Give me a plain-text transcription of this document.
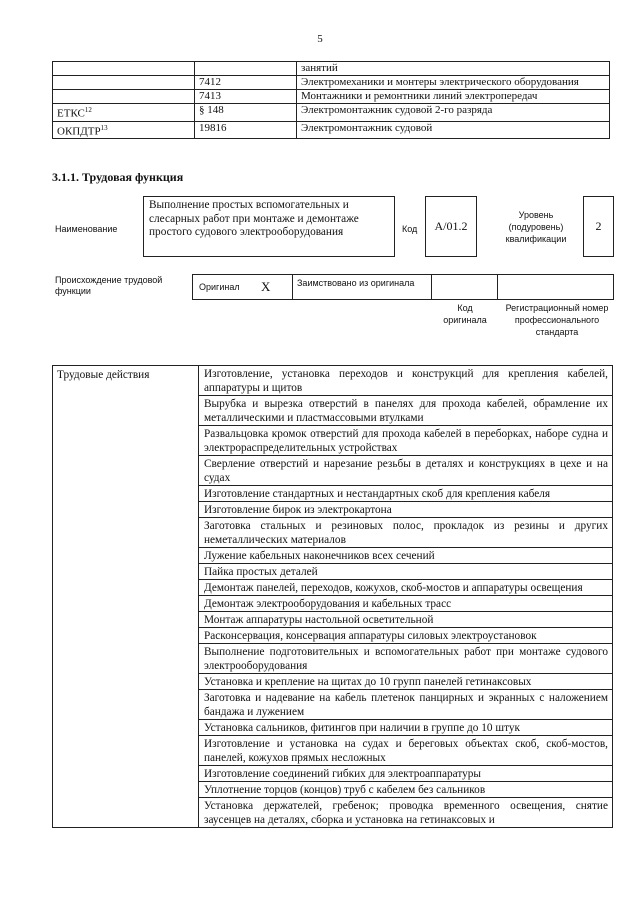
5
		занятий
	7412	Электромеханики и монтеры электрического оборудования
	7413	Монтажники и ремонтники линий электропередач
ЕТКС$^{12}$	§ 148	Электромонтажник судовой 2-го разряда
ОКПДТР$^{13}$	19816	Электромонтажник судовой
3.1.1. Трудовая функция
Наименование
Выполнение простых вспомогательных и слесарных работ при монтаже и демонтаже простого судового электрооборудования	Код	A/01.2
Уровень (подуровень) квалификации
2
Происхождение трудовой функции	Оригинал X	Заимствовано из оригинала
Код оригинала
Регистрационный номер профессионального стандарта
Трудовые действия	Изготовление, установка переходов и конструкций для крепления кабелей, аппаратуры и щитов
Вырубка и вырезка отверстий в панелях для прохода кабелей, обрамление их металлическими и пластмассовыми втулками
Развальцовка кромок отверстий для прохода кабелей в переборках, наборе судна и электрораспределительных устройствах
Сверление отверстий и нарезание резьбы в деталях и конструкциях в цехе и на судах
Изготовление стандартных и нестандартных скоб для крепления кабеля
Изготовление бирок из электрокартона
Заготовка стальных и резиновых полос, прокладок из резины и других неметаллических материалов
Лужение кабельных наконечников всех сечений
Пайка простых деталей
Демонтаж панелей, переходов, кожухов, скоб-мостов и аппаратуры освещения
Демонтаж электрооборудования и кабельных трасс
Монтаж аппаратуры настольной осветительной
Расконсервация, консервация аппаратуры силовых электроустановок
Выполнение подготовительных и вспомогательных работ при монтаже судового электрооборудования
Установка и крепление на щитах до 10 групп панелей гетинаксовых
Заготовка и надевание на кабель плетенок панцирных и экранных с наложением бандажа и лужением
Установка сальников, фитингов при наличии в группе до 10 штук
Изготовление и установка на судах и береговых объектах скоб, скоб-мостов, панелей, кожухов прямых несложных
Изготовление соединений гибких для электроаппаратуры
Уплотнение торцов (концов) труб с кабелем без сальников
Установка держателей, гребенок; проводка временного освещения, снятие заусенцев на деталях, сборка и установка на гетинаксовых и
